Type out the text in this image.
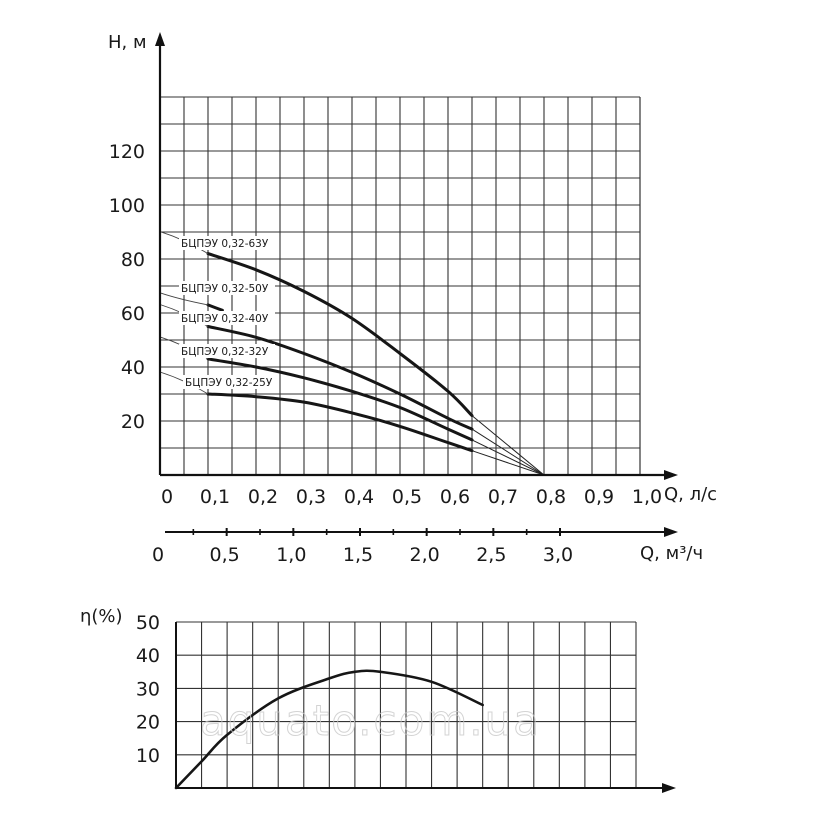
БЦПЭУ 0,32-63У
БЦПЭУ 0,32-50У
БЦПЭУ 0,32-40У
БЦПЭУ 0,32-32У
БЦПЭУ 0,32-25У
H, м
Q, л/с
20
40
60
80
100
120
0 0,1 0,2 0,3 0,4 0,5 0,6 0,7 0,8 0,9 1,0
0 0,5 1,0 1,5 2,0 2,5 3,0	Q, м³/ч
η(%)
10
20
30
40
50
aquato.com.ua
